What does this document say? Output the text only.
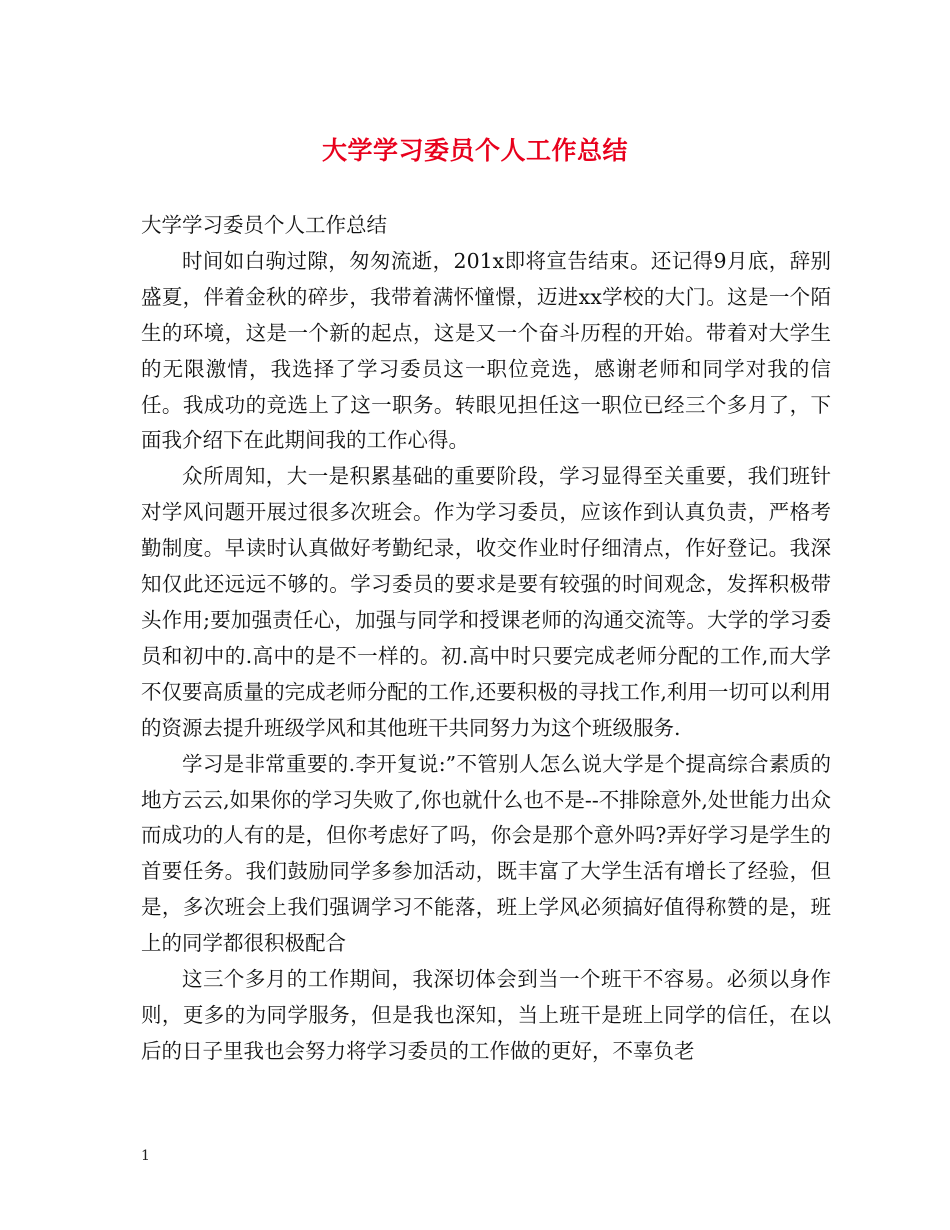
大学学习委员个人工作总结

大学学习委员个人工作总结

时间如白驹过隙，匆匆流逝，201x即将宣告结束。还记得9月底，辞别盛夏，伴着金秋的碎步，我带着满怀憧憬，迈进xx学校的大门。这是一个陌生的环境，这是一个新的起点，这是又一个奋斗历程的开始。带着对大学生的无限激情，我选择了学习委员这一职位竞选，感谢老师和同学对我的信任。我成功的竞选上了这一职务。转眼见担任这一职位已经三个多月了，下面我介绍下在此期间我的工作心得。

众所周知，大一是积累基础的重要阶段，学习显得至关重要，我们班针对学风问题开展过很多次班会。作为学习委员，应该作到认真负责，严格考勤制度。早读时认真做好考勤纪录，收交作业时仔细清点，作好登记。我深知仅此还远远不够的。学习委员的要求是要有较强的时间观念，发挥积极带头作用;要加强责任心，加强与同学和授课老师的沟通交流等。大学的学习委员和初中的.高中的是不一样的。初.高中时只要完成老师分配的工作,而大学不仅要高质量的完成老师分配的工作,还要积极的寻找工作,利用一切可以利用的资源去提升班级学风和其他班干共同努力为这个班级服务.

学习是非常重要的.李开复说:”不管别人怎么说大学是个提高综合素质的地方云云,如果你的学习失败了,你也就什么也不是--不排除意外,处世能力出众而成功的人有的是，但你考虑好了吗，你会是那个意外吗?弄好学习是学生的首要任务。我们鼓励同学多参加活动，既丰富了大学生活有增长了经验，但是，多次班会上我们强调学习不能落，班上学风必须搞好值得称赞的是，班上的同学都很积极配合

这三个多月的工作期间，我深切体会到当一个班干不容易。必须以身作则，更多的为同学服务，但是我也深知，当上班干是班上同学的信任，在以后的日子里我也会努力将学习委员的工作做的更好，不辜负老

1
